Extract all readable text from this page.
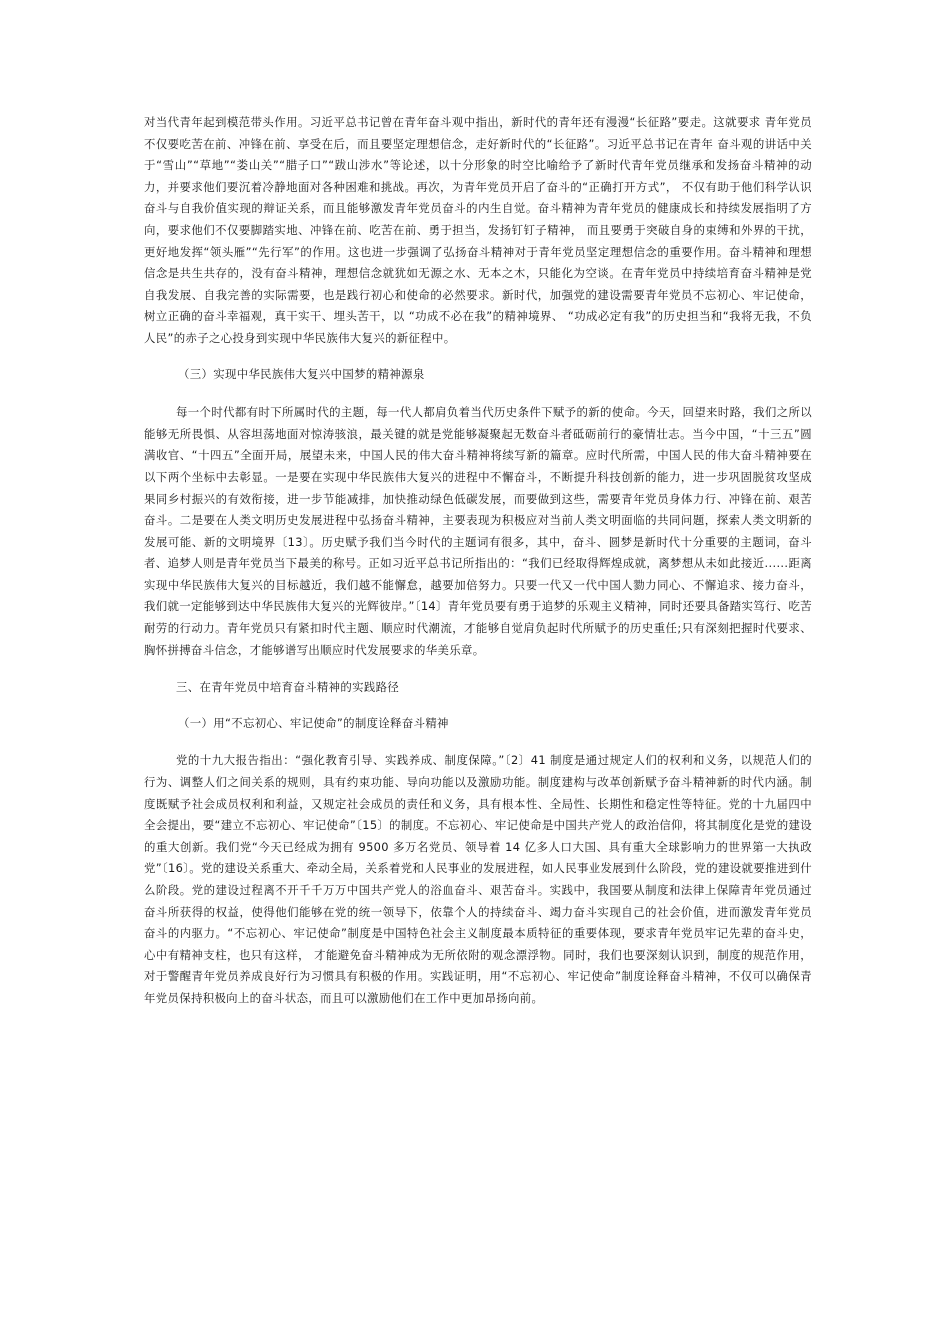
对当代青年起到模范带头作用。习近平总书记曾在青年奋斗观中指出，新时代的青年还有漫漫“长征路”要走。这就要求 青年党员不仅要吃苦在前、冲锋在前、享受在后，而且要坚定理想信念，走好新时代的“长征路”。习近平总书记在青年 奋斗观的讲话中关于“雪山”“草地”“娄山关”“腊子口”“跋山涉水”等论述，以十分形象的时空比喻给予了新时代青年党员继承和发扬奋斗精神的动力，并要求他们要沉着冷静地面对各种困难和挑战。再次，为青年党员开启了奋斗的“正确打开方式”， 不仅有助于他们科学认识奋斗与自我价值实现的辩证关系，而且能够激发青年党员奋斗的内生自觉。奋斗精神为青年党员的健康成长和持续发展指明了方向，要求他们不仅要脚踏实地、冲锋在前、吃苦在前、勇于担当，发扬钉钉子精神， 而且要勇于突破自身的束缚和外界的干扰，更好地发挥“领头雁”“先行军”的作用。这也进一步强调了弘扬奋斗精神对于青年党员坚定理想信念的重要作用。奋斗精神和理想信念是共生共存的，没有奋斗精神，理想信念就犹如无源之水、无本之木，只能化为空谈。在青年党员中持续培育奋斗精神是党自我发展、自我完善的实际需要，也是践行初心和使命的必然要求。新时代，加强党的建设需要青年党员不忘初心、牢记使命，树立正确的奋斗幸福观，真干实干、埋头苦干，以 “功成不必在我”的精神境界、 “功成必定有我”的历史担当和“我将无我，不负人民”的赤子之心投身到实现中华民族伟大复兴的新征程中。

（三）实现中华民族伟大复兴中国梦的精神源泉

每一个时代都有时下所属时代的主题，每一代人都肩负着当代历史条件下赋予的新的使命。今天，回望来时路，我们之所以能够无所畏惧、从容坦荡地面对惊涛骇浪，最关键的就是党能够凝聚起无数奋斗者砥砺前行的豪情壮志。当今中国，“十三五”圆满收官、“十四五”全面开局，展望未来，中国人民的伟大奋斗精神将续写新的篇章。应时代所需，中国人民的伟大奋斗精神要在以下两个坐标中去彰显。一是要在实现中华民族伟大复兴的进程中不懈奋斗，不断提升科技创新的能力，进一步巩固脱贫攻坚成果同乡村振兴的有效衔接，进一步节能减排，加快推动绿色低碳发展，而要做到这些，需要青年党员身体力行、冲锋在前、艰苦奋斗。二是要在人类文明历史发展进程中弘扬奋斗精神，主要表现为积极应对当前人类文明面临的共同问题，探索人类文明新的发展可能、新的文明境界〔13〕。历史赋予我们当今时代的主题词有很多，其中，奋斗、圆梦是新时代十分重要的主题词，奋斗者、追梦人则是青年党员当下最美的称号。正如习近平总书记所指出的：“我们已经取得辉煌成就，离梦想从未如此接近......距离实现中华民族伟大复兴的目标越近，我们越不能懈怠，越要加倍努力。只要一代又一代中国人勠力同心、不懈追求、接力奋斗，我们就一定能够到达中华民族伟大复兴的光辉彼岸。”〔14〕青年党员要有勇于追梦的乐观主义精神，同时还要具备踏实笃行、吃苦耐劳的行动力。青年党员只有紧扣时代主题、顺应时代潮流，才能够自觉肩负起时代所赋予的历史重任;只有深刻把握时代要求、胸怀拼搏奋斗信念，才能够谱写出顺应时代发展要求的华美乐章。

三、在青年党员中培育奋斗精神的实践路径

（一）用“不忘初心、牢记使命”的制度诠释奋斗精神

党的十九大报告指出：“强化教育引导、实践养成、制度保障。”〔2〕41 制度是通过规定人们的权利和义务，以规范人们的行为、调整人们之间关系的规则，具有约束功能、导向功能以及激励功能。制度建构与改革创新赋予奋斗精神新的时代内涵。制度既赋予社会成员权利和利益，又规定社会成员的责任和义务，具有根本性、全局性、长期性和稳定性等特征。党的十九届四中全会提出，要“建立不忘初心、牢记使命”〔15〕的制度。不忘初心、牢记使命是中国共产党人的政治信仰，将其制度化是党的建设的重大创新。我们党“今天已经成为拥有 9500 多万名党员、领导着 14 亿多人口大国、具有重大全球影响力的世界第一大执政党”〔16〕。党的建设关系重大、牵动全局，关系着党和人民事业的发展进程，如人民事业发展到什么阶段，党的建设就要推进到什么阶段。党的建设过程离不开千千万万中国共产党人的浴血奋斗、艰苦奋斗。实践中，我国要从制度和法律上保障青年党员通过奋斗所获得的权益，使得他们能够在党的统一领导下，依靠个人的持续奋斗、竭力奋斗实现自己的社会价值，进而激发青年党员奋斗的内驱力。“不忘初心、牢记使命”制度是中国特色社会主义制度最本质特征的重要体现，要求青年党员牢记先辈的奋斗史，心中有精神支柱，也只有这样， 才能避免奋斗精神成为无所依附的观念漂浮物。同时，我们也要深刻认识到，制度的规范作用，对于警醒青年党员养成良好行为习惯具有积极的作用。实践证明，用“不忘初心、牢记使命”制度诠释奋斗精神，不仅可以确保青年党员保持积极向上的奋斗状态，而且可以激励他们在工作中更加昂扬向前。
